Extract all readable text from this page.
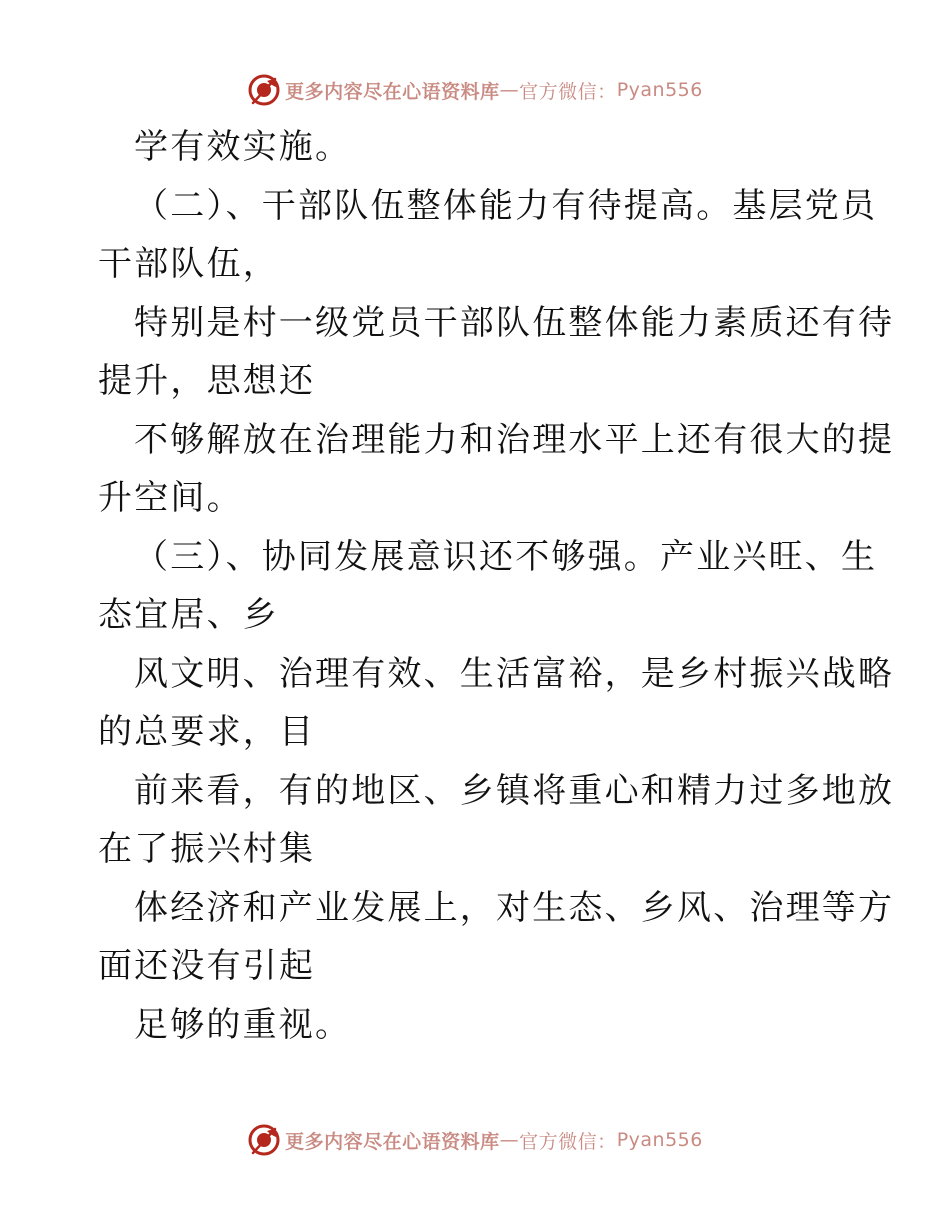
更多内容尽在心语资料库 — 官方微信： Pyan556
学有效实施。
（二）、干部队伍整体能力有待提高。基层党员
干部队伍，
特别是村一级党员干部队伍整体能力素质还有待
提升，思想还
不够解放在治理能力和治理水平上还有很大的提
升空间。
（三）、协同发展意识还不够强。产业兴旺、生
态宜居、乡
风文明、治理有效、生活富裕，是乡村振兴战略
的总要求，目
前来看，有的地区、乡镇将重心和精力过多地放
在了振兴村集
体经济和产业发展上，对生态、乡风、治理等方
面还没有引起
足够的重视。
更多内容尽在心语资料库 — 官方微信： Pyan556
